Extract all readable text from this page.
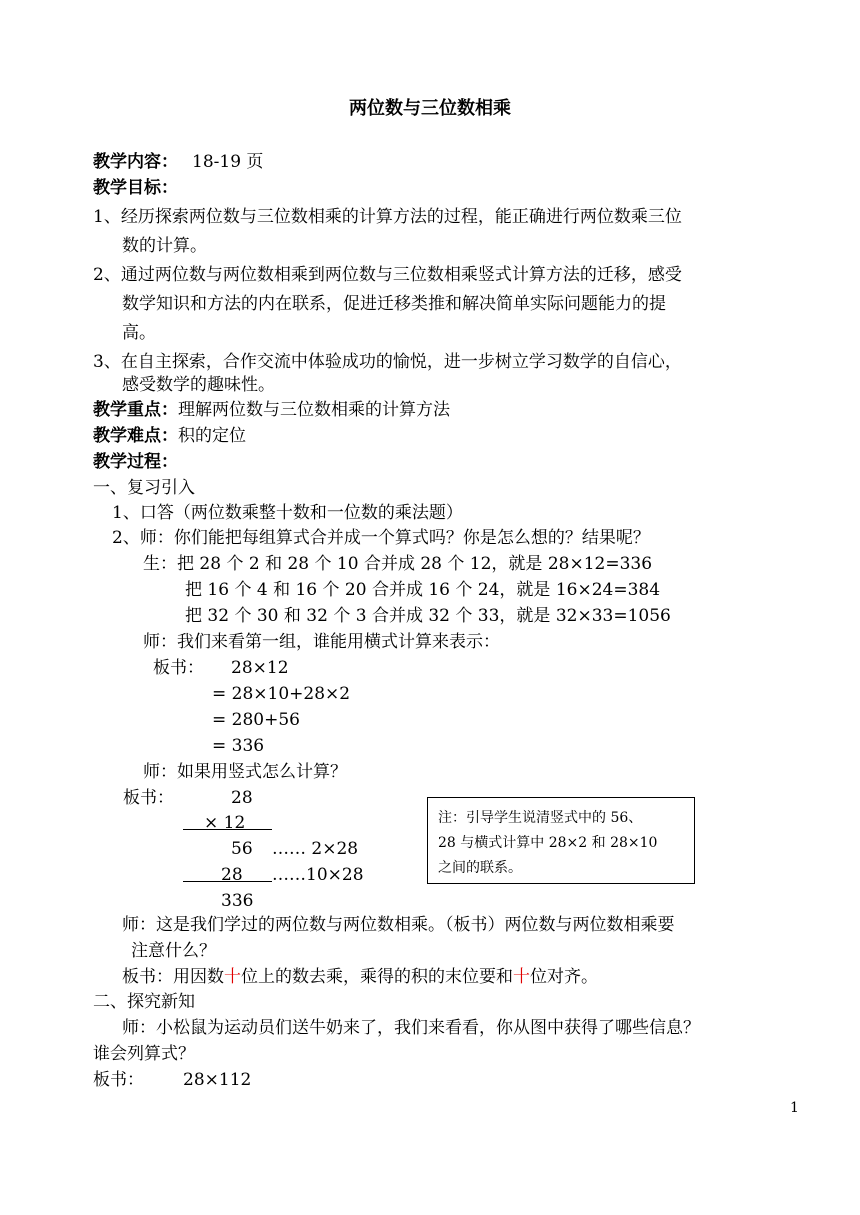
两位数与三位数相乘
教学内容： 18-19 页
教学目标：
1、经历探索两位数与三位数相乘的计算方法的过程，能正确进行两位数乘三位
数的计算。
2、通过两位数与两位数相乘到两位数与三位数相乘竖式计算方法的迁移，感受
数学知识和方法的内在联系，促进迁移类推和解决简单实际问题能力的提
高。
3、在自主探索，合作交流中体验成功的愉悦，进一步树立学习数学的自信心，
感受数学的趣味性。
教学重点：理解两位数与三位数相乘的计算方法
教学难点：积的定位
教学过程：
一、复习引入
1、口答（两位数乘整十数和一位数的乘法题）
2、师：你们能把每组算式合并成一个算式吗？你是怎么想的？结果呢？
生：把 28 个 2 和 28 个 10 合并成 28 个 12，就是 28×12=336
把 16 个 4 和 16 个 20 合并成 16 个 24，就是 16×24=384
把 32 个 30 和 32 个 3 合并成 32 个 33，就是 32×33=1056
师：我们来看第一组，谁能用横式计算来表示：
板书： 28×12
= 28×10+28×2
= 280+56
= 336
师：如果用竖式怎么计算？
板书：	28
× 12
56 …… 2×28
28 ……10×28
336
注：引导学生说清竖式中的 56、
28 与横式计算中 28×2 和 28×10
之间的联系。
师：这是我们学过的两位数与两位数相乘。（板书）两位数与两位数相乘要
注意什么？
板书：用因数十位上的数去乘，乘得的积的末位要和十位对齐。
二、探究新知
师：小松鼠为运动员们送牛奶来了，我们来看看，你从图中获得了哪些信息？
谁会列算式？
板书： 28×112
1
